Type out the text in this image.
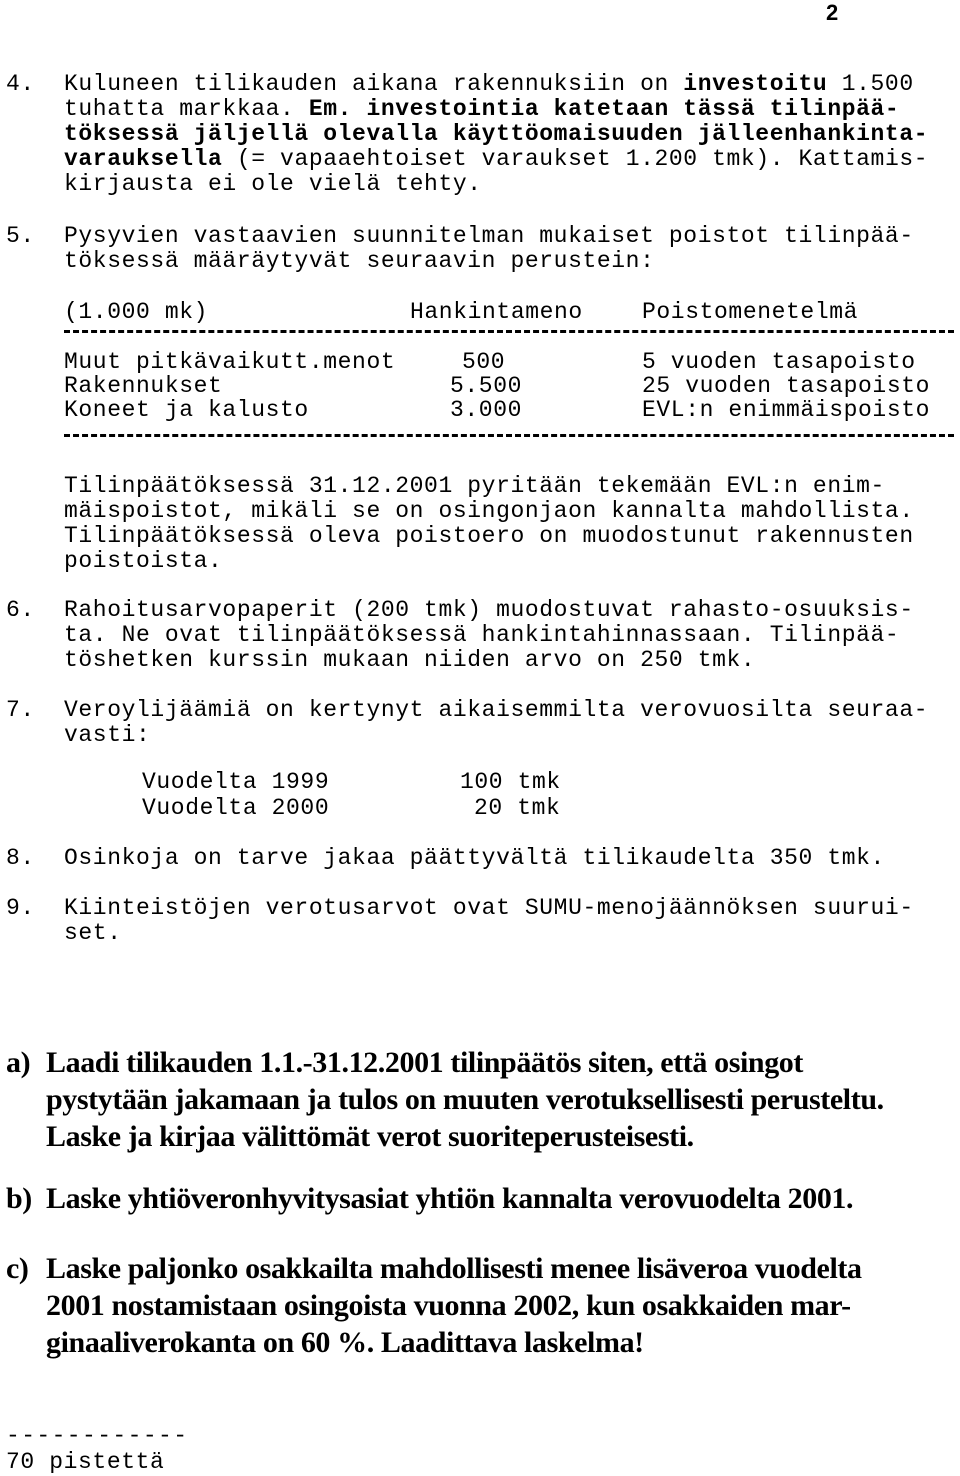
2
4. Kuluneen tilikauden aikana rakennuksiin on investoitu 1.500
tuhatta markkaa. Em. investointia katetaan tässä tilinpää-
töksessä jäljellä olevalla käyttöomaisuuden jälleenhankinta-
varauksella (= vapaaehtoiset varaukset 1.200 tmk). Kattamis-
kirjausta ei ole vielä tehty.
5. Pysyvien vastaavien suunnitelman mukaiset poistot tilinpää-
töksessä määräytyvät seuraavin perustein:
(1.000 mk)	Hankintameno	Poistomenetelmä
Muut pitkävaikutt.menot	500	5 vuoden tasapoisto
Rakennukset	5.500	25 vuoden tasapoisto
Koneet ja kalusto	3.000	EVL:n enimmäispoisto
Tilinpäätöksessä 31.12.2001 pyritään tekemään EVL:n enim-
mäispoistot, mikäli se on osingonjaon kannalta mahdollista.
Tilinpäätöksessä oleva poistoero on muodostunut rakennusten
poistoista.
6. Rahoitusarvopaperit (200 tmk) muodostuvat rahasto-osuuksis-
ta. Ne ovat tilinpäätöksessä hankintahinnassaan. Tilinpää-
töshetken kurssin mukaan niiden arvo on 250 tmk.
7. Veroylijäämiä on kertynyt aikaisemmilta verovuosilta seuraa-
vasti:
Vuodelta 1999	100 tmk
Vuodelta 2000	20 tmk
8. Osinkoja on tarve jakaa päättyvältä tilikaudelta 350 tmk.
9. Kiinteistöjen verotusarvot ovat SUMU-menojäännöksen suurui-
set.
a) Laadi tilikauden 1.1.-31.12.2001 tilinpäätös siten, että osingot
pystytään jakamaan ja tulos on muuten verotuksellisesti perusteltu.
Laske ja kirjaa välittömät verot suoriteperusteisesti.
b) Laske yhtiöveronhyvitysasiat yhtiön kannalta verovuodelta 2001.
c) Laske paljonko osakkailta mahdollisesti menee lisäveroa vuodelta
2001 nostamistaan osingoista vuonna 2002, kun osakkaiden mar-
ginaaliverokanta on 60 %. Laadittava laskelma!
------------
70 pistettä
